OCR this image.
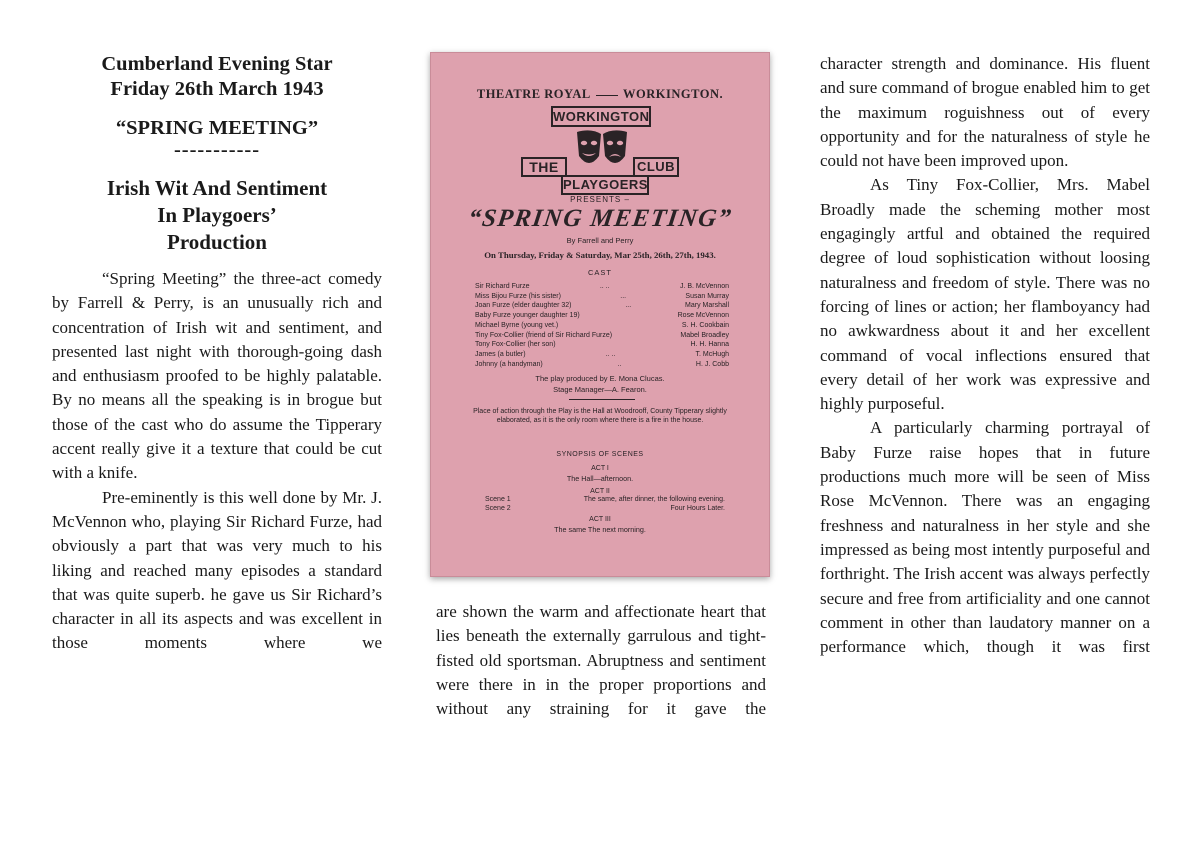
Cumberland Evening Star
Friday 26th March 1943
“SPRING MEETING”
-----------
Irish Wit And Sentiment
In Playgoers’
Production

“Spring Meeting” the three-act comedy by Farrell & Perry, is an unusually rich and concentration of Irish wit and sentiment, and presented last night with thorough-going dash and enthusiasm proofed to be highly palatable. By no means all the speaking is in brogue but those of the cast who do assume the Tipperary accent really give it a texture that could be cut with a knife.

Pre-eminently is this well done by Mr. J. McVennon who, playing Sir Richard Furze, had obviously a part that was very much to his liking and reached many episodes a standard that was quite superb. he gave us Sir Richard’s character in all its aspects and was excellent in those moments where we

THEATRE ROYAL	WORKINGTON.
WORKINGTON
THE	CLUB
PLAYGOERS
PRESENTS –
“SPRING MEETING”
By Farrell and Perry
On Thursday, Friday & Saturday, Mar 25th, 26th, 27th, 1943.
CAST
Sir Richard Furze	.. ..	J. B. McVennon
Miss Bijou Furze (his sister)	...	Susan Murray
Joan Furze (elder daughter 32)	...	Mary Marshall
Baby Furze younger daughter 19)	Rose McVennon
Michael Byrne (young vet.)	S. H. Cookbain
Tiny Fox-Collier (friend of Sir Richard Furze)	Mabel Broadley
Tony Fox-Collier (her son)	H. H. Hanna
James (a butler)	.. ..	T. McHugh
Johnny (a handyman)	..	H. J. Cobb
The play produced by E. Mona Clucas.
Stage Manager—A. Fearon.
Place of action through the Play is the Hall at Woodrooff, County Tipperary slightly elaborated, as it is the only room where there is a fire in the house.
SYNOPSIS OF SCENES
ACT I
The Hall—afternoon.
ACT II
Scene 1	The same, after dinner, the following evening.
Scene 2	Four Hours Later.
ACT III
The same The next morning.

are shown the warm and affectionate heart that lies beneath the externally garrulous and tight-fisted old sportsman. Abruptness and sentiment were there in in the proper proportions and without any straining for it gave the

character strength and dominance. His fluent and sure command of brogue enabled him to get the maximum roguishness out of every opportunity and for the naturalness of style he could not have been improved upon.

As Tiny Fox-Collier, Mrs. Mabel Broadly made the scheming mother most engagingly artful and obtained the required degree of loud sophistication without loosing naturalness and freedom of style. There was no forcing of lines or action; her flamboyancy had no awkwardness about it and her excellent command of vocal inflections ensured that every detail of her work was expressive and highly purposeful.

A particularly charming portrayal of Baby Furze raise hopes that in future productions much more will be seen of Miss Rose McVennon. There was an engaging freshness and naturalness in her style and she impressed as being most intently purposeful and forthright. The Irish accent was always perfectly secure and free from artificiality and one cannot comment in other than laudatory manner on a performance which, though it was first
